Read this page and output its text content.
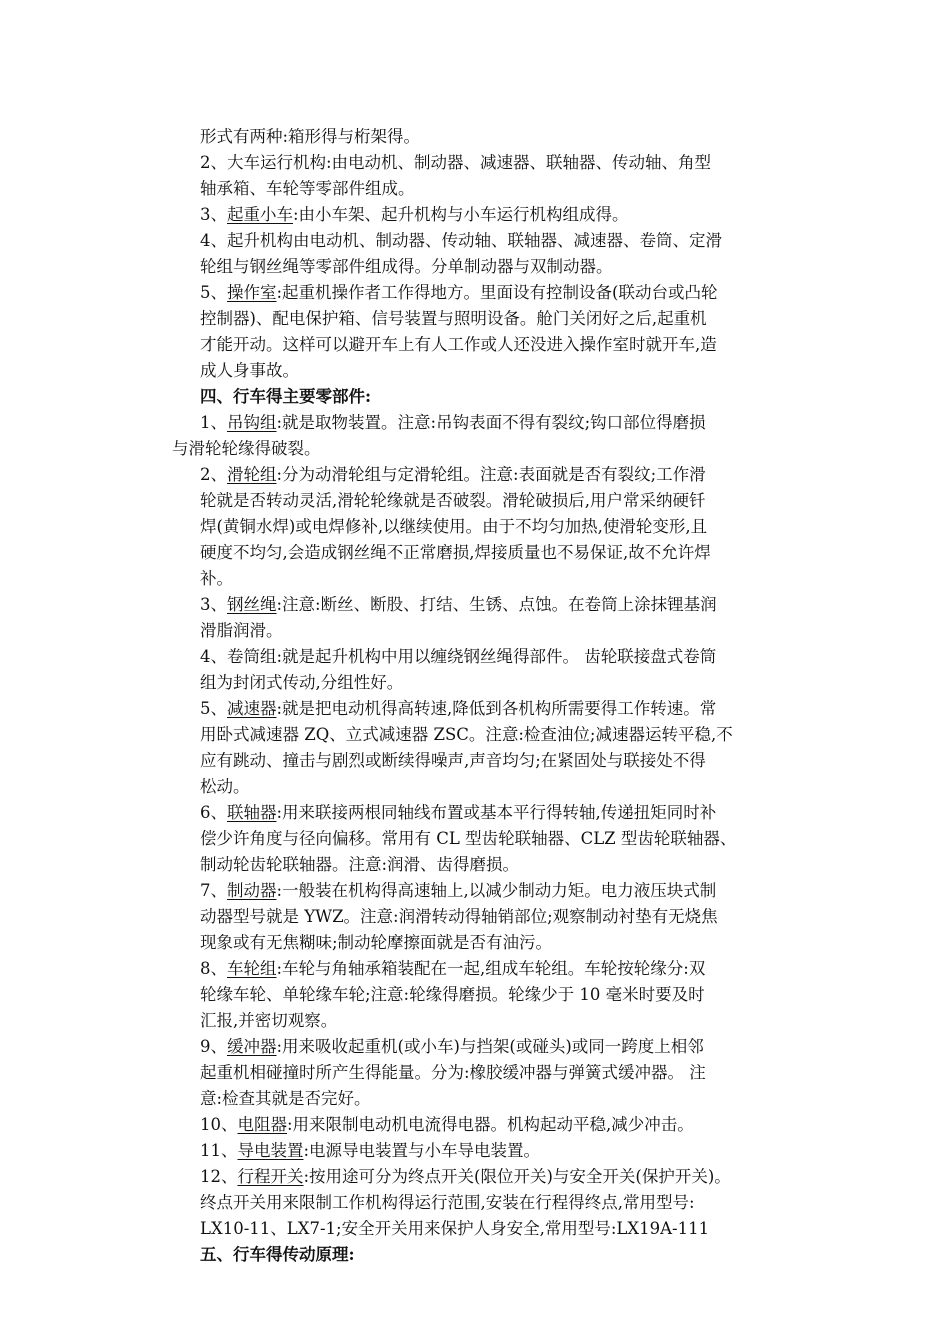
形式有两种:箱形得与桁架得。
2、大车运行机构:由电动机、制动器、减速器、联轴器、传动轴、角型
轴承箱、车轮等零部件组成。
3、起重小车:由小车架、起升机构与小车运行机构组成得。
4、起升机构由电动机、制动器、传动轴、联轴器、减速器、卷筒、定滑
轮组与钢丝绳等零部件组成得。分单制动器与双制动器。
5、操作室:起重机操作者工作得地方。里面设有控制设备(联动台或凸轮
控制器)、配电保护箱、信号装置与照明设备。舱门关闭好之后,起重机
才能开动。这样可以避开车上有人工作或人还没进入操作室时就开车,造
成人身事故。
四、行车得主要零部件:
1、吊钩组:就是取物装置。注意:吊钩表面不得有裂纹;钩口部位得磨损
与滑轮轮缘得破裂。
2、滑轮组:分为动滑轮组与定滑轮组。注意:表面就是否有裂纹;工作滑
轮就是否转动灵活,滑轮轮缘就是否破裂。滑轮破损后,用户常采纳硬钎
焊(黄铜水焊)或电焊修补,以继续使用。由于不均匀加热,使滑轮变形,且
硬度不均匀,会造成钢丝绳不正常磨损,焊接质量也不易保证,故不允许焊
补。
3、钢丝绳:注意:断丝、断股、打结、生锈、点蚀。在卷筒上涂抹锂基润
滑脂润滑。
4、卷筒组:就是起升机构中用以缠绕钢丝绳得部件。 齿轮联接盘式卷筒
组为封闭式传动,分组性好。
5、减速器:就是把电动机得高转速,降低到各机构所需要得工作转速。常
用卧式减速器 ZQ、立式减速器 ZSC。注意:检查油位;减速器运转平稳,不
应有跳动、撞击与剧烈或断续得噪声,声音均匀;在紧固处与联接处不得
松动。
6、联轴器:用来联接两根同轴线布置或基本平行得转轴,传递扭矩同时补
偿少许角度与径向偏移。常用有 CL 型齿轮联轴器、CLZ 型齿轮联轴器、
制动轮齿轮联轴器。注意:润滑、齿得磨损。
7、制动器:一般装在机构得高速轴上,以减少制动力矩。电力液压块式制
动器型号就是 YWZ。注意:润滑转动得轴销部位;观察制动衬垫有无烧焦
现象或有无焦糊味;制动轮摩擦面就是否有油污。
8、车轮组:车轮与角轴承箱装配在一起,组成车轮组。车轮按轮缘分:双
轮缘车轮、单轮缘车轮;注意:轮缘得磨损。轮缘少于 10 毫米时要及时
汇报,并密切观察。
9、缓冲器:用来吸收起重机(或小车)与挡架(或碰头)或同一跨度上相邻
起重机相碰撞时所产生得能量。分为:橡胶缓冲器与弹簧式缓冲器。 注
意:检查其就是否完好。
10、电阻器:用来限制电动机电流得电器。机构起动平稳,减少冲击。
11、导电装置:电源导电装置与小车导电装置。
12、行程开关:按用途可分为终点开关(限位开关)与安全开关(保护开关)。
终点开关用来限制工作机构得运行范围,安装在行程得终点,常用型号:
LX10-11、LX7-1;安全开关用来保护人身安全,常用型号:LX19A-111
五、行车得传动原理:
